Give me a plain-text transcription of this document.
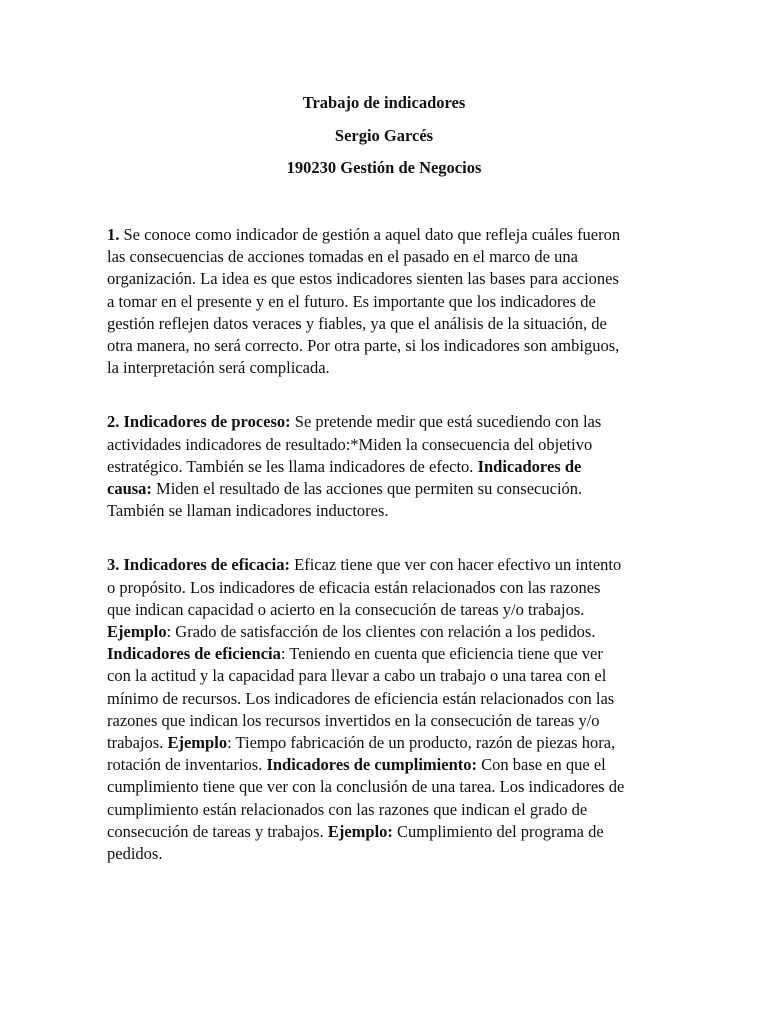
Trabajo de indicadores
Sergio Garcés
190230 Gestión de Negocios

1. Se conoce como indicador de gestión a aquel dato que refleja cuáles fueron
las consecuencias de acciones tomadas en el pasado en el marco de una
organización. La idea es que estos indicadores sienten las bases para acciones
a tomar en el presente y en el futuro. Es importante que los indicadores de
gestión reflejen datos veraces y fiables, ya que el análisis de la situación, de
otra manera, no será correcto. Por otra parte, si los indicadores son ambiguos,
la interpretación será complicada.

2. Indicadores de proceso: Se pretende medir que está sucediendo con las
actividades indicadores de resultado:*Miden la consecuencia del objetivo
estratégico. También se les llama indicadores de efecto. Indicadores de
causa: Miden el resultado de las acciones que permiten su consecución.
También se llaman indicadores inductores.

3. Indicadores de eficacia: Eficaz tiene que ver con hacer efectivo un intento
o propósito. Los indicadores de eficacia están relacionados con las razones
que indican capacidad o acierto en la consecución de tareas y/o trabajos.
Ejemplo: Grado de satisfacción de los clientes con relación a los pedidos.
Indicadores de eficiencia: Teniendo en cuenta que eficiencia tiene que ver
con la actitud y la capacidad para llevar a cabo un trabajo o una tarea con el
mínimo de recursos. Los indicadores de eficiencia están relacionados con las
razones que indican los recursos invertidos en la consecución de tareas y/o
trabajos. Ejemplo: Tiempo fabricación de un producto, razón de piezas hora,
rotación de inventarios. Indicadores de cumplimiento: Con base en que el
cumplimiento tiene que ver con la conclusión de una tarea. Los indicadores de
cumplimiento están relacionados con las razones que indican el grado de
consecución de tareas y trabajos. Ejemplo: Cumplimiento del programa de
pedidos.
